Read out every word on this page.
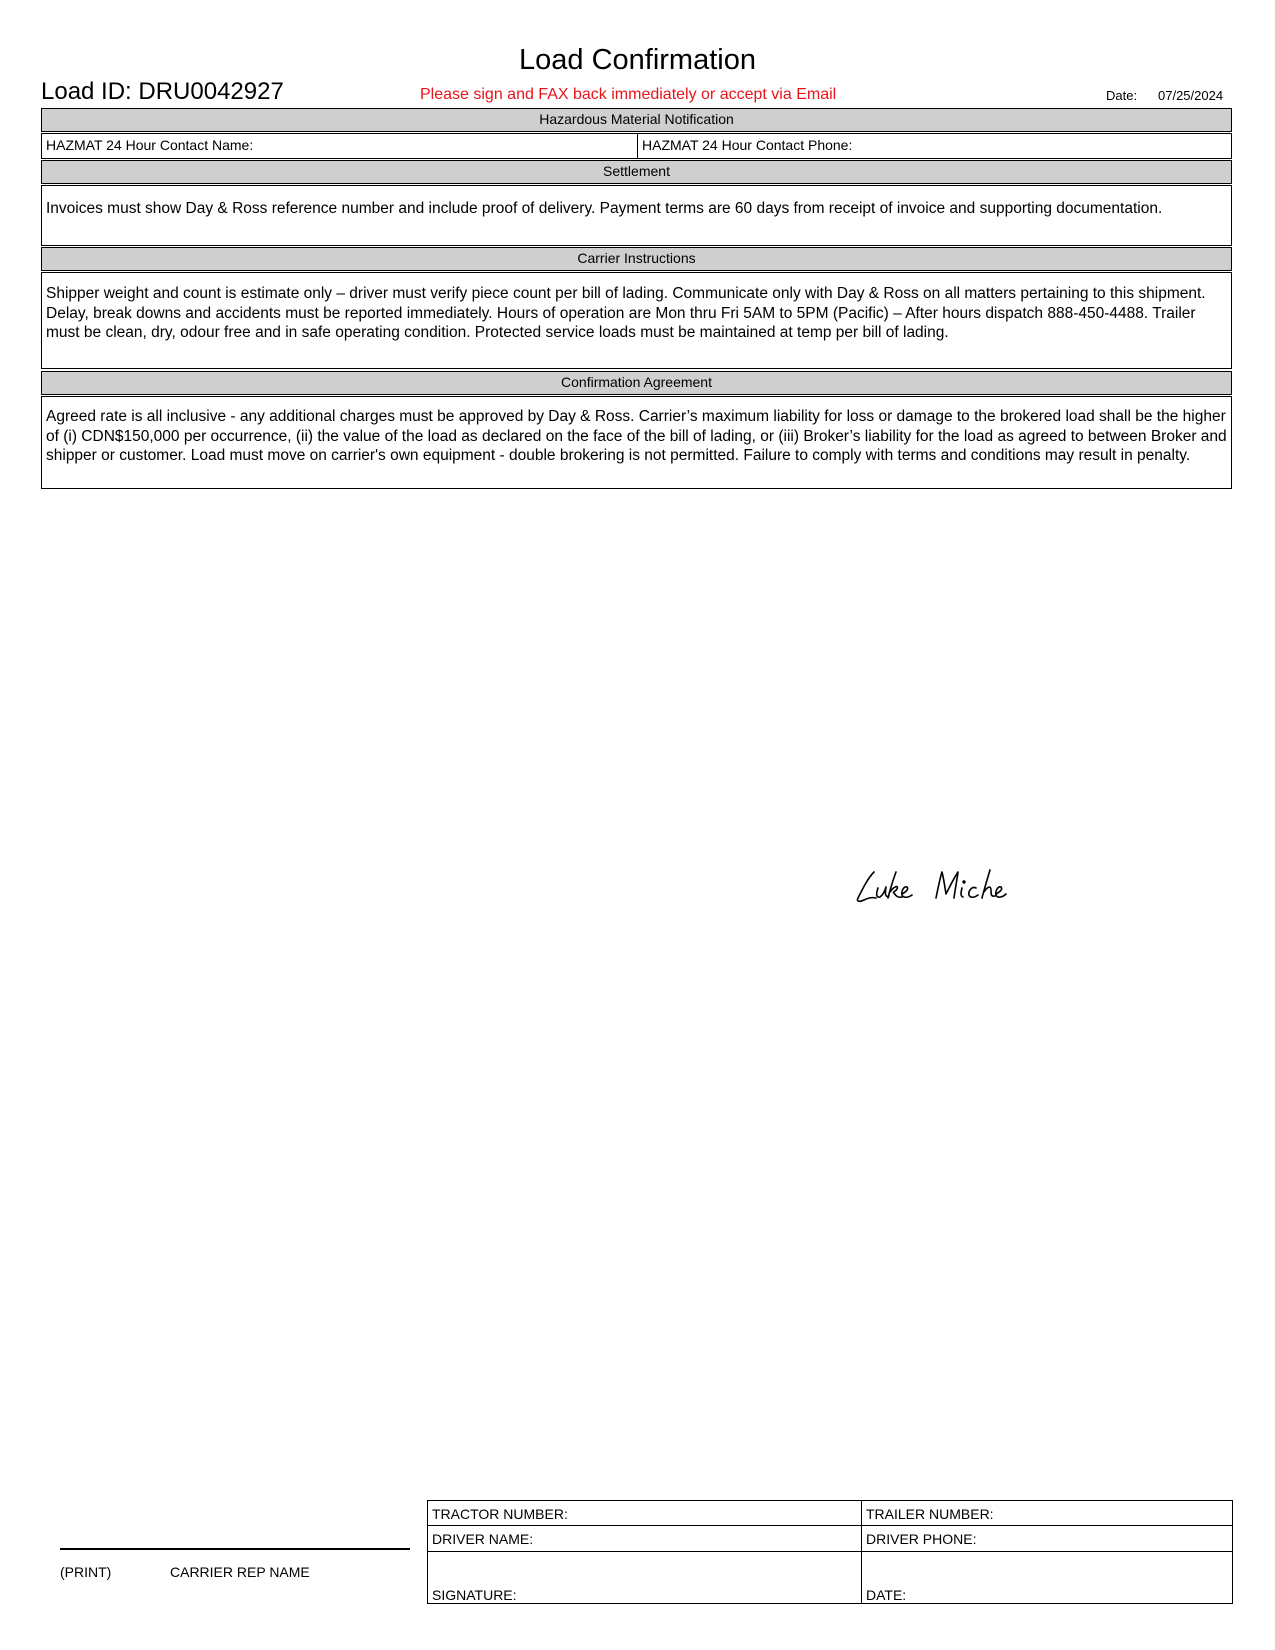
Load Confirmation
Load ID: DRU0042927	Please sign and FAX back immediately or accept via Email	Date: 07/25/2024
Hazardous Material Notification
HAZMAT 24 Hour Contact Name:	HAZMAT 24 Hour Contact Phone:
Settlement
Invoices must show Day & Ross reference number and include proof of delivery. Payment terms are 60 days from receipt of invoice and supporting documentation.
Carrier Instructions
Shipper weight and count is estimate only – driver must verify piece count per bill of lading. Communicate only with Day & Ross on all matters pertaining to this shipment. Delay, break downs and accidents must be reported immediately. Hours of operation are Mon thru Fri 5AM to 5PM (Pacific) – After hours dispatch 888-450-4488. Trailer must be clean, dry, odour free and in safe operating condition. Protected service loads must be maintained at temp per bill of lading.
Confirmation Agreement
Agreed rate is all inclusive - any additional charges must be approved by Day & Ross. Carrier’s maximum liability for loss or damage to the brokered load shall be the higher of (i) CDN$150,000 per occurrence, (ii) the value of the load as declared on the face of the bill of lading, or (iii) Broker’s liability for the load as agreed to between Broker and shipper or customer. Load must move on carrier's own equipment - double brokering is not permitted. Failure to comply with terms and conditions may result in penalty.
(PRINT)	CARRIER REP NAME
TRACTOR NUMBER:	TRAILER NUMBER:
DRIVER NAME:	DRIVER PHONE:
SIGNATURE:	DATE:
